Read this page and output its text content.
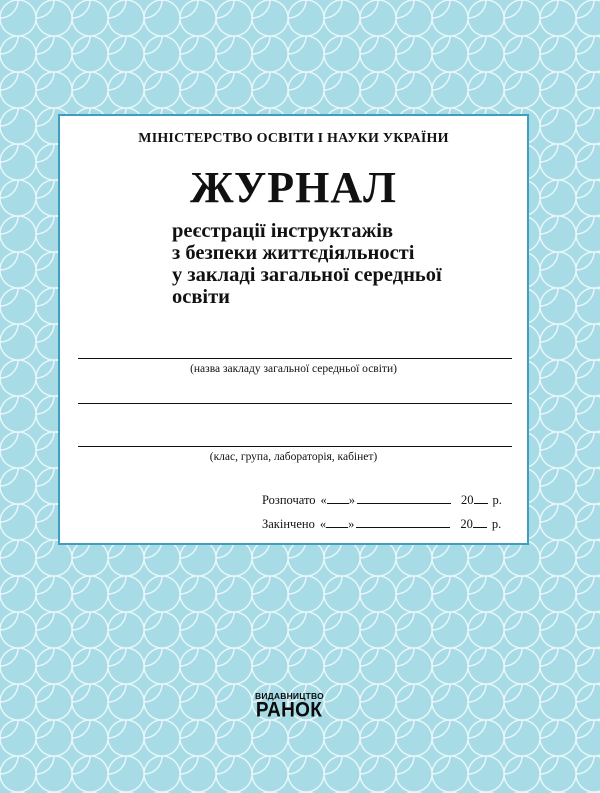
МІНІСТЕРСТВО ОСВІТИ І НАУКИ УКРАЇНИ
ЖУРНАЛ
реєстрації інструктажів
з безпеки життєдіяльності
у закладі загальної середньої
освіти
(назва закладу загальної середньої освіти)
(клас, група, лабораторія, кабінет)
Розпочато « »	20 р.
Закінчено « »	20 р.
ВИДАВНИЦТВО
РАНОК
